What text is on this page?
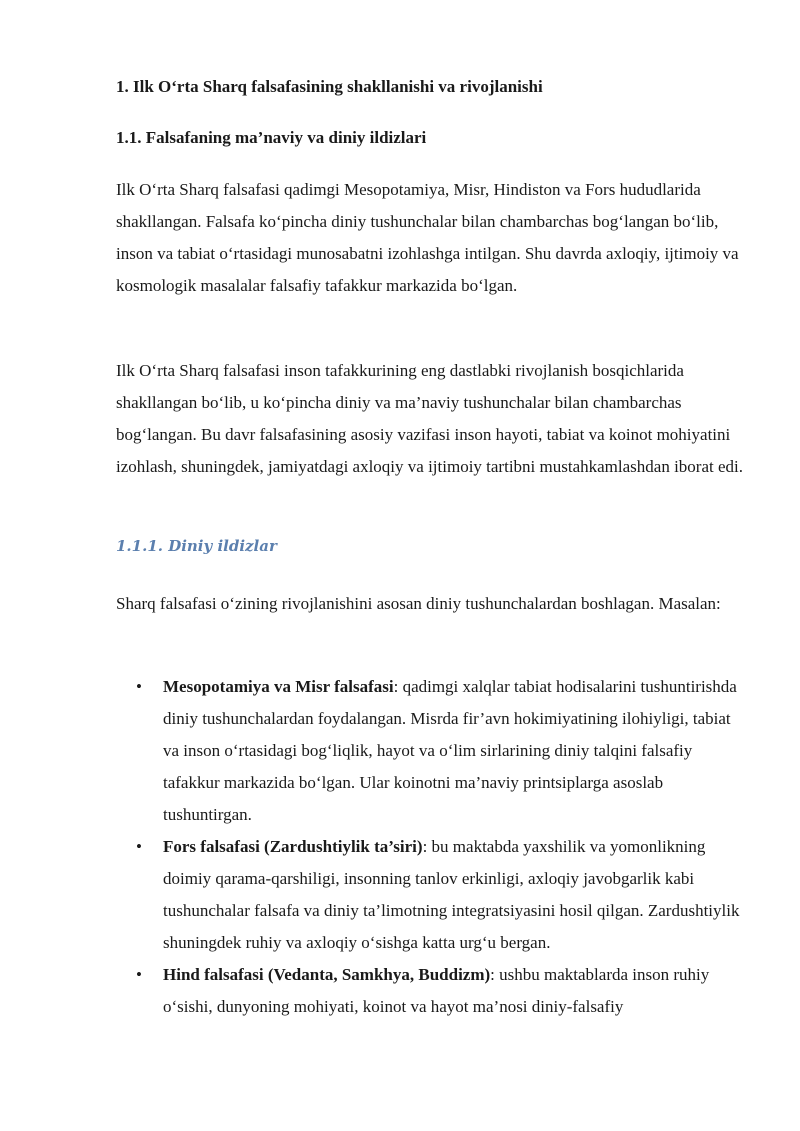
1. Ilk O‘rta Sharq falsafasining shakllanishi va rivojlanishi
1.1. Falsafaning ma’naviy va diniy ildizlari

Ilk O‘rta Sharq falsafasi qadimgi Mesopotamiya, Misr, Hindiston va Fors hududlarida shakllangan. Falsafa ko‘pincha diniy tushunchalar bilan chambarchas bog‘langan bo‘lib, inson va tabiat o‘rtasidagi munosabatni izohlashga intilgan. Shu davrda axloqiy, ijtimoiy va kosmologik masalalar falsafiy tafakkur markazida bo‘lgan.

Ilk O‘rta Sharq falsafasi inson tafakkurining eng dastlabki rivojlanish bosqichlarida shakllangan bo‘lib, u ko‘pincha diniy va ma’naviy tushunchalar bilan chambarchas bog‘langan. Bu davr falsafasining asosiy vazifasi inson hayoti, tabiat va koinot mohiyatini izohlash, shuningdek, jamiyatdagi axloqiy va ijtimoiy tartibni mustahkamlashdan iborat edi.

1.1.1. Diniy ildizlar

Sharq falsafasi o‘zining rivojlanishini asosan diniy tushunchalardan boshlagan. Masalan:

• Mesopotamiya va Misr falsafasi: qadimgi xalqlar tabiat hodisalarini tushuntirishda diniy tushunchalardan foydalangan. Misrda fir’avn hokimiyatining ilohiyligi, tabiat va inson o‘rtasidagi bog‘liqlik, hayot va o‘lim sirlarining diniy talqini falsafiy tafakkur markazida bo‘lgan. Ular koinotni ma’naviy printsiplarga asoslab tushuntirgan.
• Fors falsafasi (Zardushtiylik ta’siri): bu maktabda yaxshilik va yomonlikning doimiy qarama-qarshiligi, insonning tanlov erkinligi, axloqiy javobgarlik kabi tushunchalar falsafa va diniy ta’limotning integratsiyasini hosil qilgan. Zardushtiylik shuningdek ruhiy va axloqiy o‘sishga katta urg‘u bergan.
• Hind falsafasi (Vedanta, Samkhya, Buddizm): ushbu maktablarda inson ruhiy o‘sishi, dunyoning mohiyati, koinot va hayot ma’nosi diniy-falsafiy
